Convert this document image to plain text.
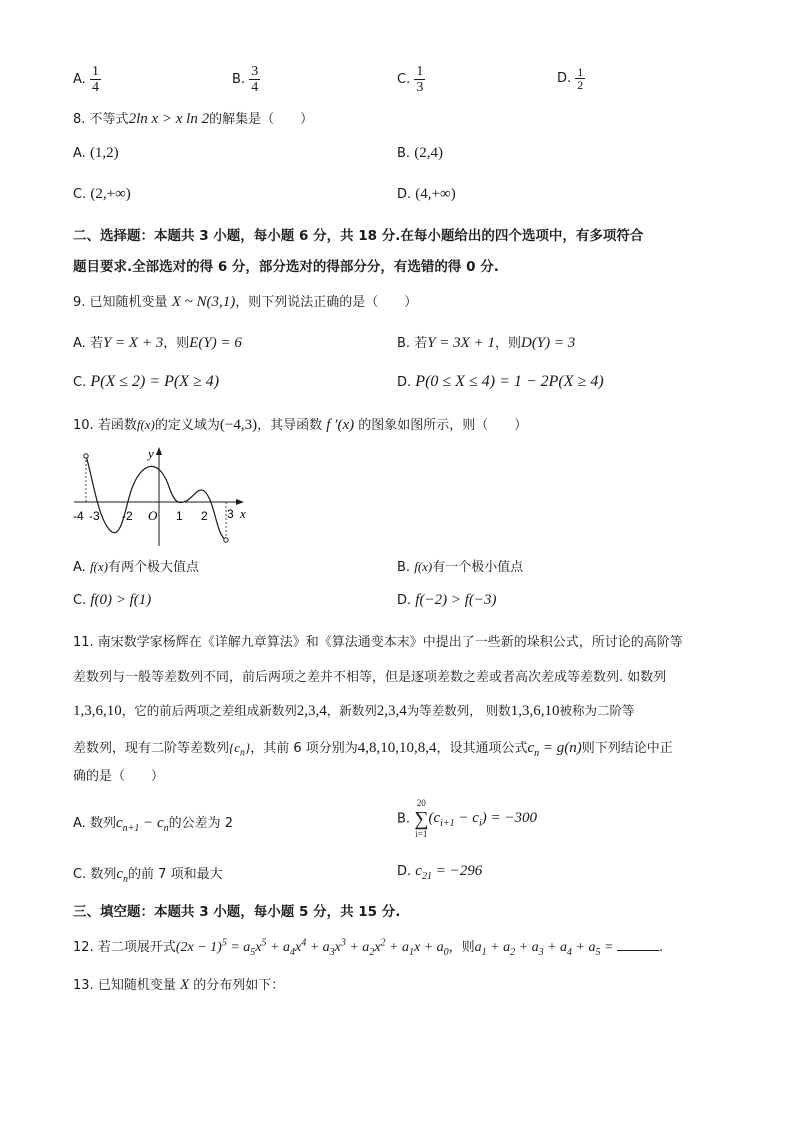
A. $\frac{1}{4}$	B. $\frac{3}{4}$	C. $\frac{1}{3}$	D. $\frac{1}{2}$
8. 不等式2ln x > x ln 2的解集是（　　）
A. (1,2)	B. (2,4)
C. (2,+∞)	D. (4,+∞)
二、选择题：本题共 3 小题，每小题 6 分，共 18 分.在每小题给出的四个选项中，有多项符合
题目要求.全部选对的得 6 分，部分选对的得部分分，有选错的得 0 分.
9. 已知随机变量 X ~ N(3,1)，则下列说法正确的是（　　）
A. 若Y = X + 3，则E(Y) = 6	B. 若Y = 3X + 1，则D(Y) = 3
C. P(X ≤ 2) = P(X ≥ 4)	D. P(0 ≤ X ≤ 4) = 1 − 2P(X ≥ 4)
10. 若函数f(x)的定义域为(−4,3)，其导函数 f ′(x) 的图象如图所示，则（　　）
y
x
O
-4 -3 -2	1 2 3
A. f(x)有两个极大值点	B. f(x)有一个极小值点
C. f(0) > f(1)	D. f(−2) > f(−3)
11. 南宋数学家杨辉在《详解九章算法》和《算法通变本末》中提出了一些新的垛积公式，所讨论的高阶等
差数列与一般等差数列不同，前后两项之差并不相等，但是逐项差数之差或者高次差成等差数列. 如数列
1,3,6,10，它的前后两项之差组成新数列2,3,4，新数列2,3,4为等差数列， 则数1,3,6,10被称为二阶等
差数列，现有二阶等差数列$\{c_n\}$，其前 6 项分别为4,8,10,10,8,4，设其通项公式$c_n = g(n)$则下列结论中正
确的是（　　）
A. 数列$c_{n+1} - c_n$的公差为 2	B.
20
∑
i=1
$(c_{i+1} - c_i) = -300$
C. 数列$c_n$的前 7 项和最大	D. $c_{21} = -296$
三、填空题：本题共 3 小题，每小题 5 分，共 15 分.
12. 若二项展开式$(2x - 1)^5 = a_5x^5 + a_4x^4 + a_3x^3 + a_2x^2 + a_1x + a_0$，则$a_1 + a_2 + a_3 + a_4 + a_5$ =	.
13. 已知随机变量 X 的分布列如下：
